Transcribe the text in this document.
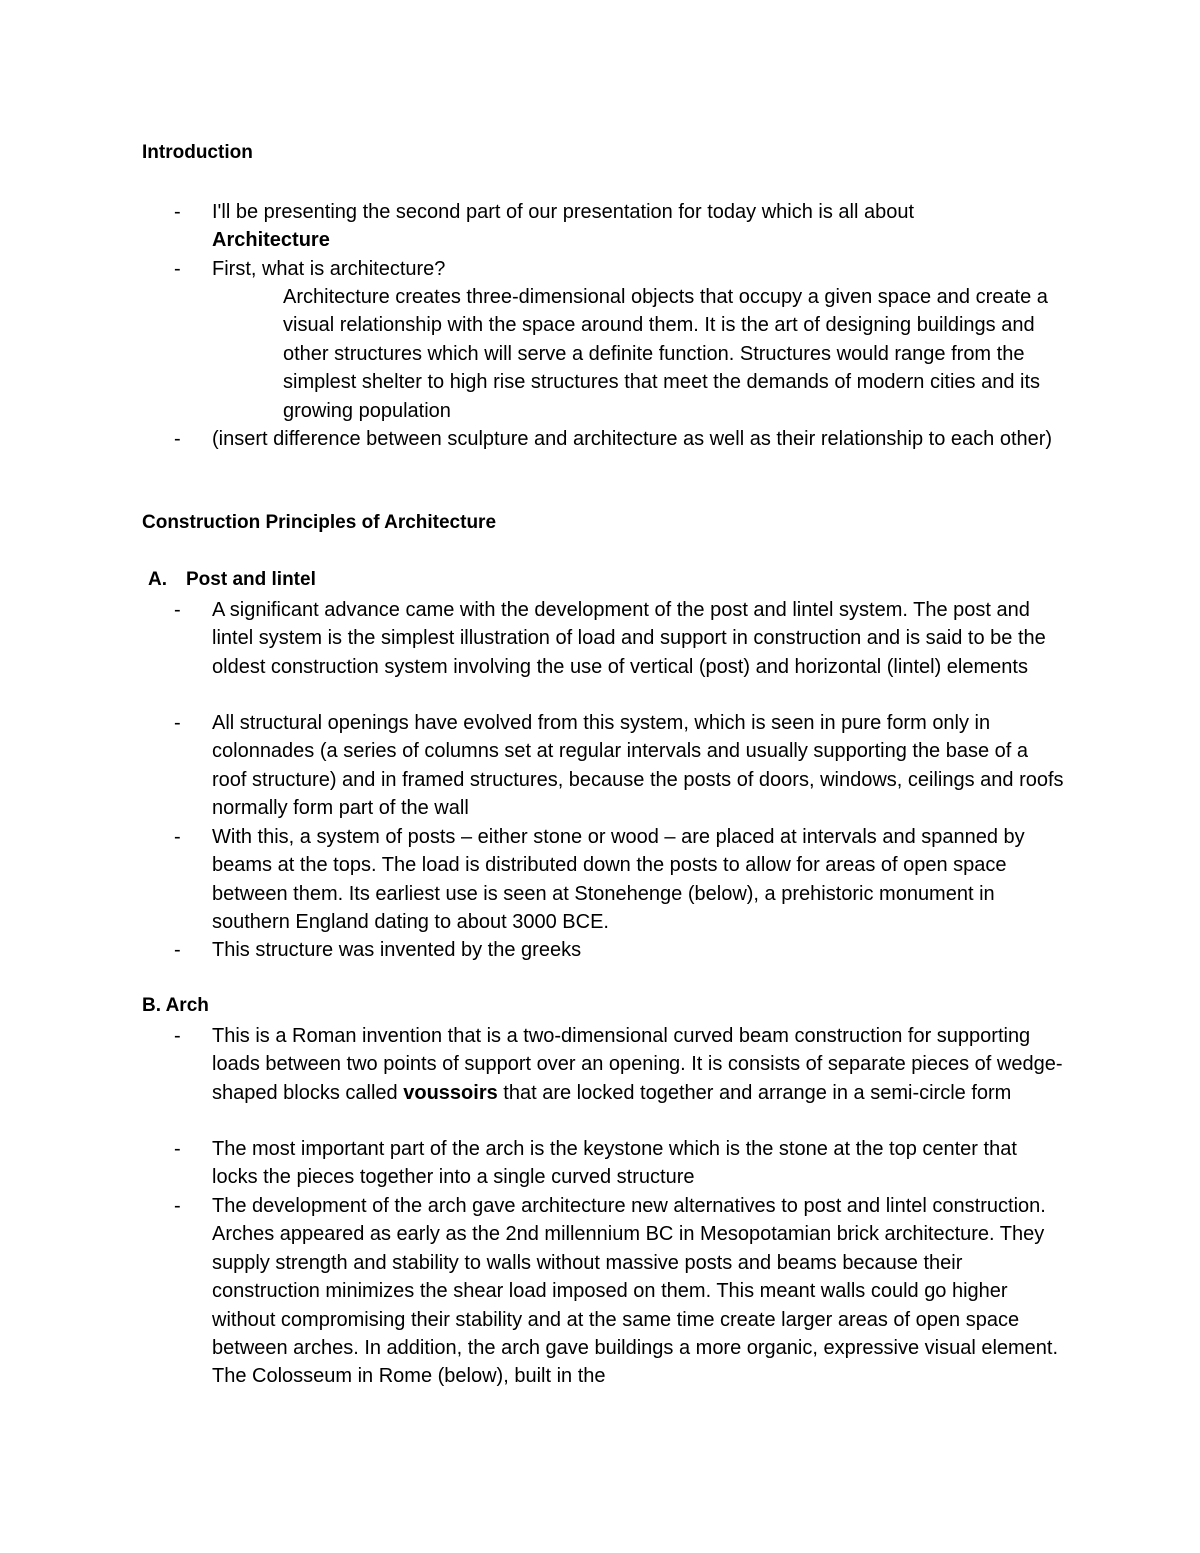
Introduction
-	I'll be presenting the second part of our presentation for today which is all about
Architecture
-	First, what is architecture?
Architecture creates three-dimensional objects that occupy a given space and create a visual relationship with the space around them. It is the art of designing buildings and other structures which will serve a definite function. Structures would range from the simplest shelter to high rise structures that meet the demands of modern cities and its growing population
-	(insert difference between sculpture and architecture as well as their relationship to each other)
Construction Principles of Architecture
A. Post and lintel
-	A significant advance came with the development of the post and lintel system. The post and lintel system is the simplest illustration of load and support in construction and is said to be the oldest construction system involving the use of vertical (post) and horizontal (lintel) elements
-	All structural openings have evolved from this system, which is seen in pure form only in colonnades (a series of columns set at regular intervals and usually supporting the base of a roof structure) and in framed structures, because the posts of doors, windows, ceilings and roofs normally form part of the wall
-	With this, a system of posts – either stone or wood – are placed at intervals and spanned by beams at the tops. The load is distributed down the posts to allow for areas of open space between them. Its earliest use is seen at Stonehenge (below), a prehistoric monument in southern England dating to about 3000 BCE.
-	This structure was invented by the greeks
B. Arch
-	This is a Roman invention that is a two-dimensional curved beam construction for supporting loads between two points of support over an opening. It is consists of separate pieces of wedge-shaped blocks called voussoirs that are locked together and arrange in a semi-circle form
-	The most important part of the arch is the keystone which is the stone at the top center that locks the pieces together into a single curved structure
-	The development of the arch gave architecture new alternatives to post and lintel construction. Arches appeared as early as the 2nd millennium BC in Mesopotamian brick architecture. They supply strength and stability to walls without massive posts and beams because their construction minimizes the shear load imposed on them. This meant walls could go higher without compromising their stability and at the same time create larger areas of open space between arches. In addition, the arch gave buildings a more organic, expressive visual element. The Colosseum in Rome (below), built in the
